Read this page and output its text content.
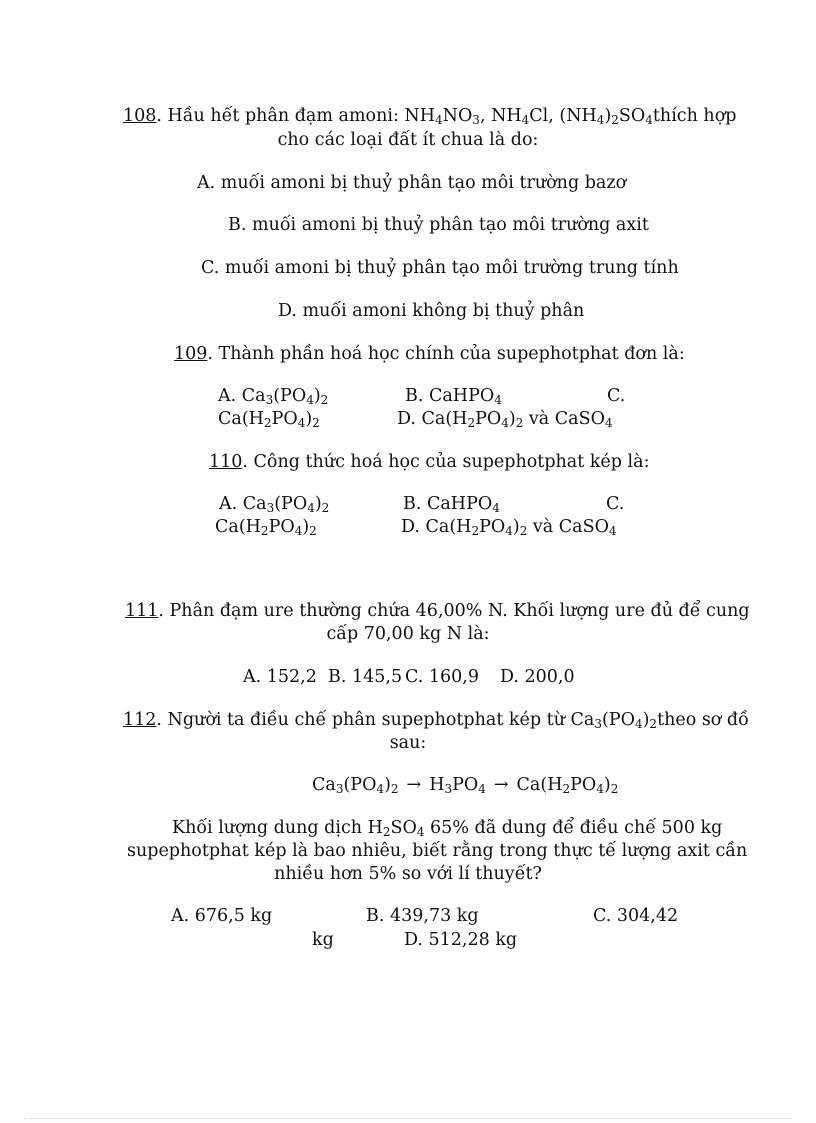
108. Hầu hết phân đạm amoni: $NH_4NO_3$, $NH_4Cl$, $(NH_4)_2SO_4thích$ hợp
cho các loại đất ít chua là do:
A. muối amoni bị thuỷ phân tạo môi trường bazơ
B. muối amoni bị thuỷ phân tạo môi trường axit
C. muối amoni bị thuỷ phân tạo môi trường trung tính
D. muối amoni không bị thuỷ phân
109. Thành phần hoá học chính của supephotphat đơn là:
A. $Ca_3(PO_4)_2$	B. CaHPO$_4$	C.
$Ca(H_2PO_4)_2$	D. $Ca(H_2PO_4)_2$ và CaSO$_4$
110. Công thức hoá học của supephotphat kép là:
A. $Ca_3(PO_4)_2$	B. CaHPO$_4$	C.
$Ca(H_2PO_4)_2$	D. $Ca(H_2PO_4)_2$ và CaSO$_4$
111. Phân đạm ure thường chứa 46,00% N. Khối lượng ure đủ để cung
cấp 70,00 kg N là:
A. 152,2 B. 145,5 C. 160,9 D. 200,0
112. Người ta điều chế phân supephotphat kép từ $Ca_3(PO_4)_2theo$ sơ đồ
sau:
$Ca_3(PO_4)_2 \to H_3PO_4 \to Ca(H_2PO_4)_2$
Khối lượng dung dịch $H_2SO_4$ 65% đã dung để điều chế 500 kg
supephotphat kép là bao nhiêu, biết rằng trong thực tế lượng axit cần
nhiều hơn 5% so với lí thuyết?
A. 676,5 kg	B. 439,73 kg	C. 304,42
kg	D. 512,28 kg
